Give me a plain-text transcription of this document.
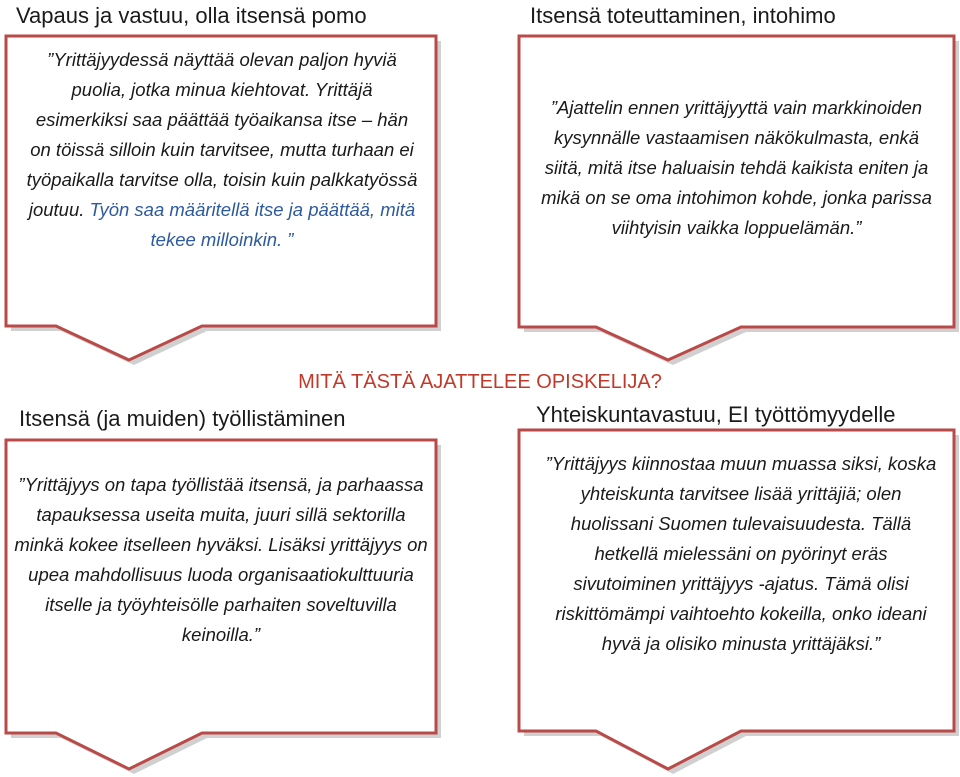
Vapaus ja vastuu, olla itsensä pomo	Itsensä toteuttaminen, intohimo

MITÄ TÄSTÄ AJATTELEE OPISKELIJA?

Itsensä (ja muiden) työllistäminen	Yhteiskuntavastuu, EI työttömyydelle
”Yrittäjyydessä näyttää olevan paljon hyviä puolia, jotka minua kiehtovat. Yrittäjä esimerkiksi saa päättää työaikansa itse – hän on töissä silloin kuin tarvitsee, mutta turhaan ei työpaikalla tarvitse olla, toisin kuin palkkatyössä joutuu. Työn saa määritellä itse ja päättää, mitä tekee milloinkin. ”
”Ajattelin ennen yrittäjyyttä vain markkinoiden kysynnälle vastaamisen näkökulmasta, enkä siitä, mitä itse haluaisin tehdä kaikista eniten ja mikä on se oma intohimon kohde, jonka parissa viihtyisin vaikka loppuelämän.”
”Yrittäjyys on tapa työllistää itsensä, ja parhaassa tapauksessa useita muita, juuri sillä sektorilla minkä kokee itselleen hyväksi. Lisäksi yrittäjyys on upea mahdollisuus luoda organisaatiokulttuuria itselle ja työyhteisölle parhaiten soveltuvilla keinoilla.”
”Yrittäjyys kiinnostaa muun muassa siksi, koska yhteiskunta tarvitsee lisää yrittäjiä; olen huolissani Suomen tulevaisuudesta. Tällä hetkellä mielessäni on pyörinyt eräs sivutoiminen yrittäjyys -ajatus. Tämä olisi riskittömämpi vaihtoehto kokeilla, onko ideani hyvä ja olisiko minusta yrittäjäksi.”
